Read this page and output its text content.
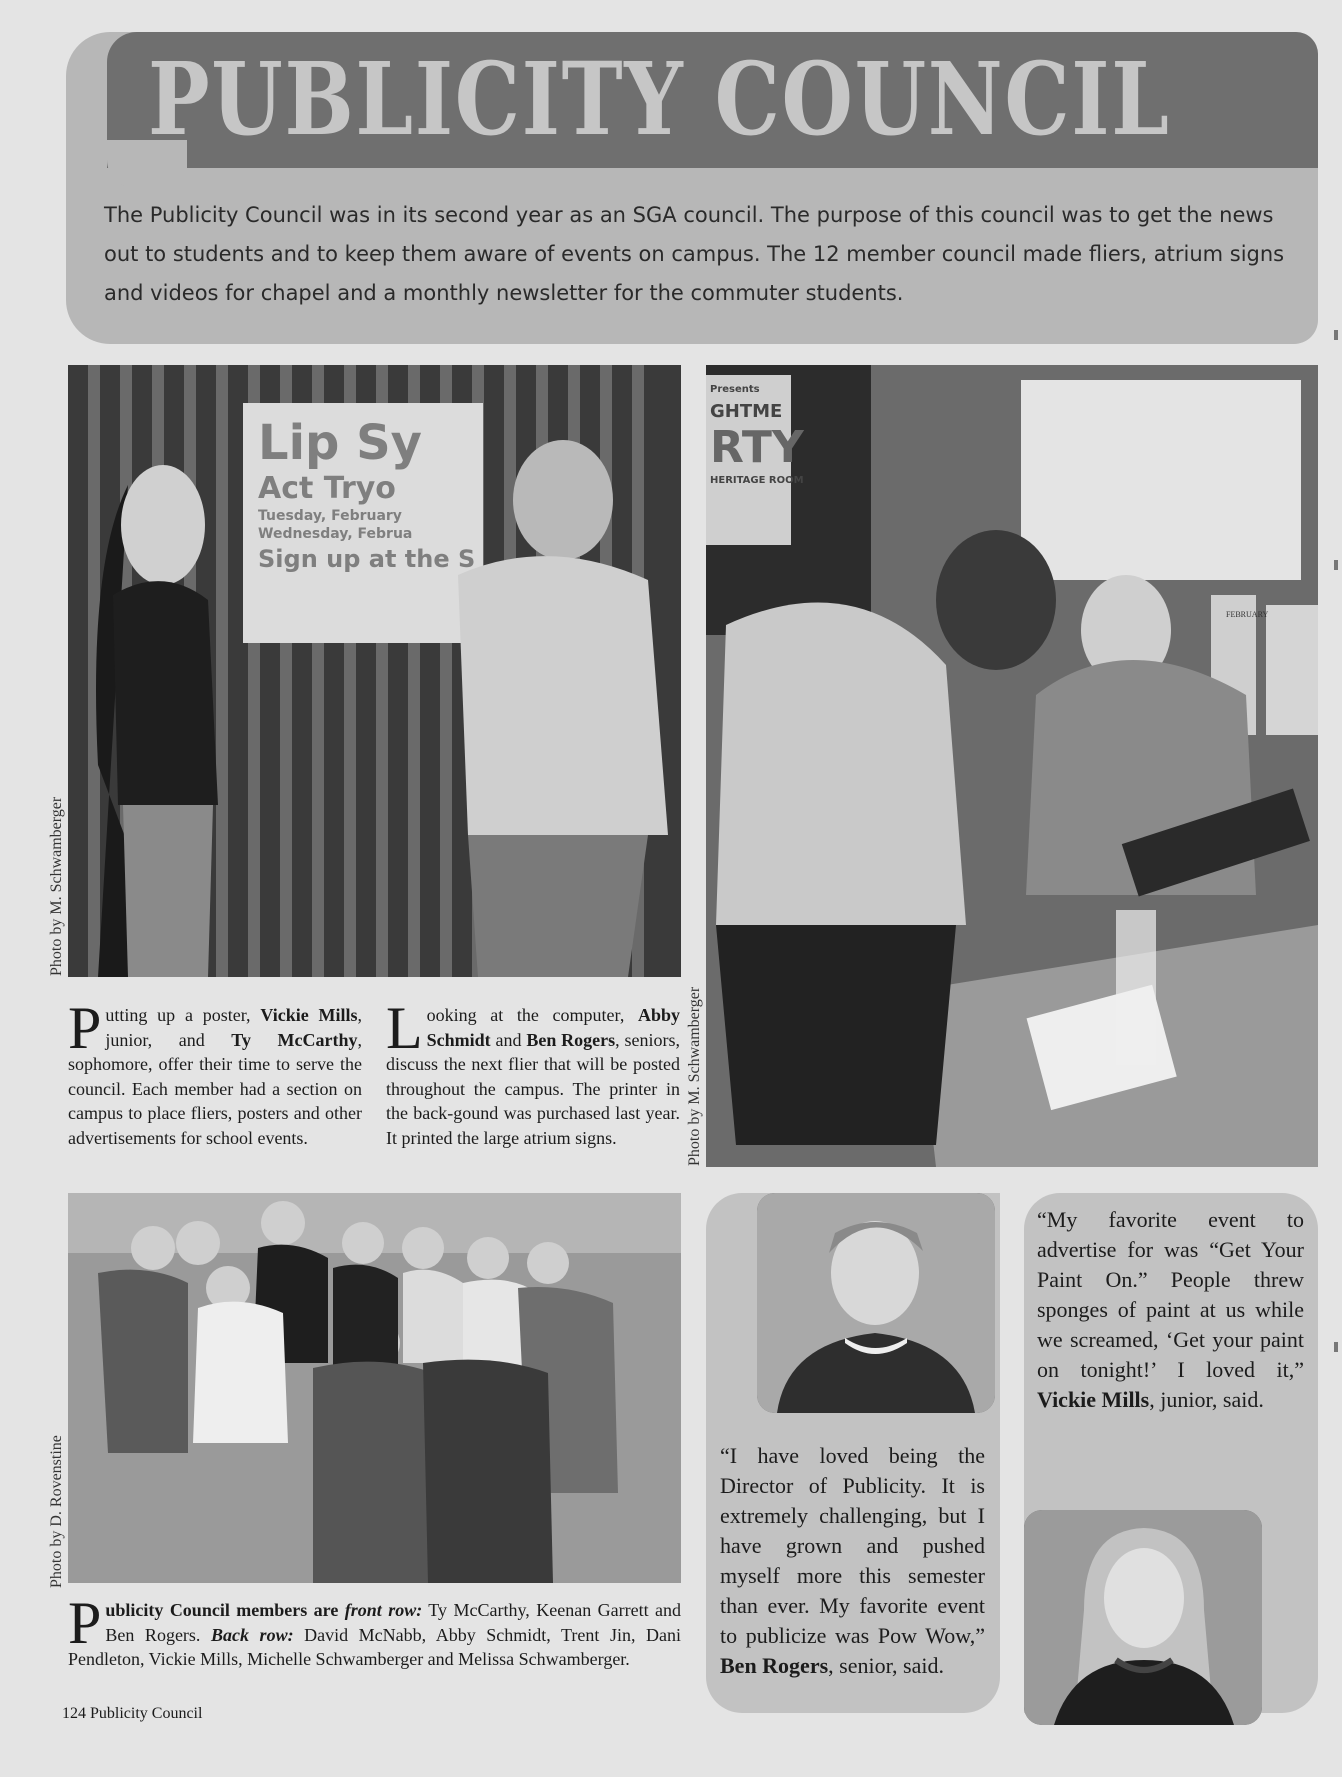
PUBLICITY COUNCIL

The Publicity Council was in its second year as an SGA council. The purpose of this council was to get the news out to students and to keep them aware of events on campus. The 12 member council made fliers, atrium signs and videos for chapel and a monthly newsletter for the commuter students.

Lip Sy
Act Tryo
Tuesday, February
Wednesday, Februa
Sign up at the S
Photo by M. Schwamberger
Presents
GHTME
RTY
HERITAGE ROOM
FEBRUARY
Photo by M. Schwamberger

Putting up a poster, Vickie Mills, junior, and Ty McCarthy, sophomore, offer their time to serve the council. Each member had a section on campus to place fliers, posters and other advertisements for school events.

Looking at the computer, Abby Schmidt and Ben Rogers, seniors, discuss the next flier that will be posted throughout the campus. The printer in the back-gound was purchased last year. It printed the large atrium signs.

Photo by D. Rovenstine

Publicity Council members are front row: Ty McCarthy, Keenan Garrett and Ben Rogers. Back row: David McNabb, Abby Schmidt, Trent Jin, Dani Pendleton, Vickie Mills, Michelle Schwamberger and Melissa Schwamberger.

“I have loved being the Director of Publicity. It is extremely challenging, but I have grown and pushed myself more this semester than ever. My favorite event to publicize was Pow Wow,” Ben Rogers, senior, said.

“My favorite event to advertise for was “Get Your Paint On.” People threw sponges of paint at us while we screamed, ‘Get your paint on tonight!’ I loved it,” Vickie Mills, junior, said.

124 Publicity Council
